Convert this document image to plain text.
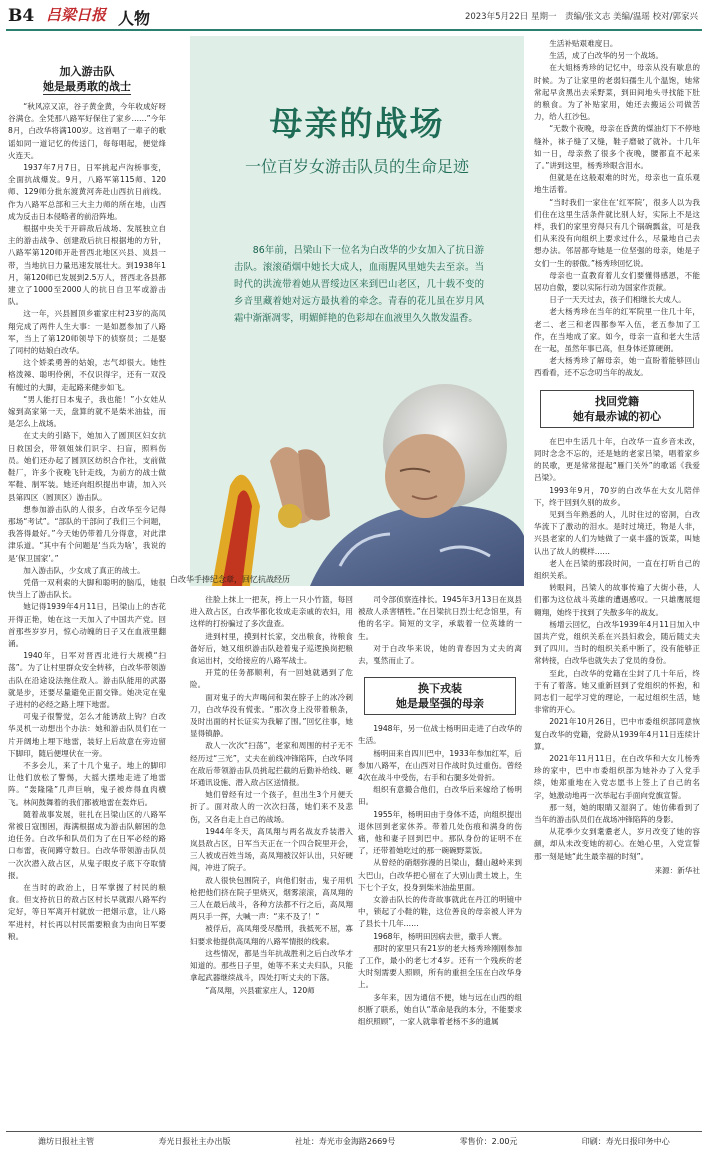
B4 吕梁日报 人物	2023年5月22日 星期一　责编/张文志 美编/温瑶 校对/郭家兴
加入游击队
她是最勇敢的战士

“秋风凉又凉，谷子黄金黄，今年收成好呀谷满仓。全凭那八路军好保住了家乡……”今年8月，白改华将满100岁。这首唱了一辈子的歌谣如同一道记忆的传送门，每每唱起，便觉烽火连天。

1937年7月7日，日军挑起卢沟桥事变，全面抗战爆发。9月，八路军第115师、120师、129师分批东渡黄河奔赴山西抗日前线。作为八路军总部和三大主力师的所在地，山西成为反击日本侵略者的前沿阵地。

根据中央关于开辟敌后战场、发展独立自主的游击战争、创建敌后抗日根据地的方针，八路军第120师开赴晋西北地区兴县、岚县一带，当地抗日力量迅速发展壮大。到1938年1月，第120师已发展到2.5万人，晋西北各县都建立了1000至2000人的抗日自卫军或游击队。

这一年，兴县圆顶乡霍家庄村23岁的高凤翔完成了两件人生大事：一是如愿参加了八路军，当上了第120师领导下的侦察员；二是娶了同村的姑娘白改华。

这个娇柔勇善的姑娘，志气却很大。她性格泼辣、聪明伶俐，不仅识得字，还有一双没有缠过的大脚，走起路来健步如飞。

“男人能打日本鬼子，我也能！”小女娃从嫁到高家第一天，盘算的就不是柴米油盐，而是怎么上战场。

在丈夫的引路下，她加入了圆顶区妇女抗日救国会，带领姐妹们识字、扫盲，照料伤员。她们还办起了圆顶区纺织合作社，支前做鞋厂，许多个夜晚飞针走线，为前方的战士做军鞋、制军装。她还向组织提出申请，加入兴县第四区（圆顶区）游击队。

想参加游击队的人很多，白改华至今记得那场“考试”。“部队的干部问了我们三个问题，我答得最好。”今天她仍带着几分得意，对此津津乐道。“其中有个问题是‘当兵为啥’，我说的是‘保卫国家’。”

加入游击队，少女成了真正的战士。

凭借一双利索的大脚和聪明的脑瓜，她很快当上了游击队长。

她记得1939年4月11日，吕梁山上的杏花开得正艳，她在这一天加入了中国共产党。回首那些岁岁月，惊心动魄的日子又在血液里翻涌。

1940年，日军对晋西北进行大规模“扫荡”。为了让村里群众安全转移，白改华带领游击队在沿途设法拖住敌人。游击队能用的武器就是步，还要尽量避免正面交锋。她决定在鬼子进村的必经之路上埋下地雷。

可鬼子很警觉，怎么才能诱敌上钩？白改华灵机一动想出个办法：她和游击队员们在一片开阔地上埋下地雷，装好上后故意在旁边留下脚印，随后便埋伏在一旁。

不多会儿，来了十几个鬼子。地上的脚印让他们放松了警惕，大摇大摆地走进了地雷阵。“轰隆隆”几声巨响，鬼子被炸得血肉横飞。林间鼓舞着的我们都被地雷在轰炸后。

随着战事发展，驻扎在吕梁山区的八路军常被日寇围困，海满根据成为游击队解困的急迫任务。白改华和队员们为了在日军必经的路口布雷，夜间蹲守数日。白改华带领游击队员一次次潜入敌占区，从鬼子眼皮子底下夺取情报。

在当时的政治上，日军掌握了村民的粮食。但支持抗日的敌占区村长早就跟八路军约定好，等日军离开村就放一把烟示意，让八路军进村，村长再以村民需要粮食为由向日军要粮。

母亲的战场
一位百岁女游击队员的生命足迹

86年前，吕梁山下一位名为白改华的少女加入了抗日游击队。滚滚硝烟中她长大成人，血雨腥风里她失去至亲。当时代的洪流带着她从晋绥边区来到巴山老区，几十载不变的乡音里藏着她对远方最执着的牵念。青春的花儿虽在岁月风霜中渐渐凋零，明媚鲜艳的色彩却在血液里久久散发温香。

白改华手捧纪念章，回忆抗战经历

往脸上抹上一把灰，挎上一只小竹篮，每回进入敌占区，白改华都化妆成走亲戚的农妇，用这样的打扮骗过了多次盘查。

进到村里，摸到村长家，交出粮食，待粮食备好后，她又组织游击队趁着鬼子巡逻换岗把粮食运出村，交给接应的八路军战士。

开荒的任务都顺利，有一回她就遇到了危险。

面对鬼子的大声喝问和架在脖子上的冰冷刺刀，白改华没有慌张。“那次身上没带着粮条，及时出面的村长证实为我解了围。”回忆往事，她显得镇静。

敌人一次次“扫荡”，老家和周围的村子无不经历过“三光”，丈夫在前线冲锋陷阵，白改华同在敌后带领游击队员挑起拦截的后勤补给线、砸坏通讯设施、潜入敌占区送情报。

她们曾经有过一个孩子，但出生3个月便夭折了。面对敌人的一次次扫荡，她们来不及悲伤，又各自走上自己的战场。

1944年冬天，高凤翔与两名战友乔装潜入岚县敌占区，日军当天正在一个四合院里开会，三人被成百姓当场，高凤翔被汉奸认出，只好硬闯，冲进了院子。

敌人很快包围院子，向他们射击，鬼子用机枪把他们挤在院子里烧灭，烟雾滚滚，高凤翔的三人在最后战斗，各种方法都不行之后，高凤翔两只手一挥，大喊一声：“来不及了！”

被俘后，高凤翔受尽酷刑，我抵死不屈，寡妇要求他提供高凤翔的八路军情报的线索。

这些情况，都是当年抗战胜利之后白改华才知道的。那些日子里，她等不来丈夫归队，只能拿起武器继续战斗，四处打听丈夫的下落。

“高凤翔，兴县霍家庄人，120师

司令部侦察连排长。1945年3月13日在岚县被敌人杀害牺牲。”在吕梁抗日烈士纪念馆里，有他的名字。简短的文字，承载着一位英雄的一生。

对于白改华来说，她的青春因为丈夫的离去，戛然而止了。

换下戎装
她是最坚强的母亲

1948年，另一位战士杨明田走进了白改华的生活。

杨明田来自四川巴中，1933年参加红军，后参加八路军，在山西对日作战时负过重伤。曾经4次在战斗中受伤，右手和右腿多处骨折。

组织有意撮合他们，白改华后来嫁给了杨明田。

1955年，杨明田由于身体不适，向组织提出退休回到老家休养。带着几处伤痕和满身的伤痛，他和妻子回到巴中。那队身份的证明不在了，还带着她吃过的那一碗碗野菜饭。

从曾经的硝烟弥漫的吕梁山，翻山越岭来到大巴山，白改华把心留在了大别山黄土坡上，生下七个子女，投身到柴米油盐里面。

女游击队长的传奇故事就此在丹江的明镜中中，锁起了小鞋的鞋，这位善良的母亲被人评为了县长十几年……

1968年，杨明田因病去世，撒手人寰。

那时的家里只有21岁的老大杨秀珍刚刚参加了工作，最小的老七才4岁。还有一个残疾的老大时刻需要人照顾，所有的重担全压在白改华身上。

多年来，因为通信不便，她与远在山西的组织断了联系，她自认“革命是我的本分，不能要求组织照顾”，一家人就靠着老杨不多的遗属

生活补贴艰难度日。

生活，成了白改华的另一个战场。

在大姐杨秀珍的记忆中，母亲从没有歇息的时候。为了让家里的老弱妇孺生儿个温饱，她常常起早贪黑出去采野菜，到田间地头寻找能下肚的粮食。为了补贴家用，她还去搬运公司做苦力，给人扛沙包。

“无数个夜晚，母亲在昏黄的煤油灯下不停地缝补，袜子缝了又缝，鞋子磨破了就补。十几年如一日，母亲熬了很多个夜晚，腰都直不起来了。”讲到这里，杨秀珍眼含泪水。

但就是在这般艰难的时光，母亲也一直乐观地生活着。

“当时我们一家住在‘红军院’，很多人以为我们住在这里生活条件就比别人好，实际上不是这样，我们的家里穷得只有几个锅碗瓢盆，可是我们从来没有向组织上要求过什么，尽量地自己去想办法。邻居都夸她是一位坚强的母亲，她是子女们一生的骄傲。”杨秀珍回忆说。

母亲也一直教育着儿女们要懂得感恩，不能居功自傲，要以实际行动为国家作贡献。

日子一天天过去，孩子们相继长大成人。

老大杨秀珍在当年的红军院里一住几十年，老二、老三和老四都参军入伍，老五参加了工作，在当地成了家。如今，母亲一直和老大生活在一起，虽然年事已高，但身体还算硬朗。

老大杨秀珍了解母亲，她一直盼着能够回山西看看，还不忘念叨当年的战友。

找回党籍
她有最赤诚的初心

在巴中生活几十年，白改华一直乡音未改，同时念念不忘的，还是她的老家吕梁，唱着家乡的民歌，更是常常提起“雁门关外”的歌谣《我爱吕梁》。

1993年9月，70岁的白改华在大女儿陪伴下，终于回到久别的故乡。

见到当年熟悉的人，儿时住过的窑洞，白改华流下了激动的泪水。是时过境迁，物是人非，兴县老家的人们为她做了一桌丰盛的饭菜，叫她认出了故人的模样……

老人在吕梁的那段时间，一直在打听自己的组织关系。

转眼间，吕梁人的故事传遍了大街小巷，人们都为这位战斗英雄的遭遇感叹。一只雄鹰展翅翱翔，她终于找到了失散多年的战友。

杨增云回忆，白改华1939年4月11日加入中国共产党，组织关系在兴县妇救会，随后随丈夫到了四川。当时的组织关系中断了，没有能够正常转接，白改华也就失去了党员的身份。

至此，白改华的党籍在尘封了几十年后，终于有了着落。她又重新回到了党组织的怀抱，和同志们一起学习党的理论，一起过组织生活，她非常的开心。

2021年10月26日，巴中市委组织部同意恢复白改华的党籍，党龄从1939年4月11日连续计算。

2021年11月11日，在白改华和大女儿杨秀珍的家中，巴中市委组织部为她补办了入党手续，她郑重地在入党志愿书上签上了自己的名字，她激动地再一次举起右手面向党旗宣誓。

那一刻，她的眼睛又湿润了。她仿佛看到了当年的游击队员们在战场冲锋陷阵的身影。

从花季少女到耄耋老人，岁月改变了她的容颜，却从未改变她的初心。在她心里，入党宣誓那一刻是她“此生最幸福的时刻”。

来源：新华社
潍坊日报社主管	寿光日报社主办出版	社址：寿光市金海路2669号	零售价：2.00元	印刷：寿光日报印务中心
